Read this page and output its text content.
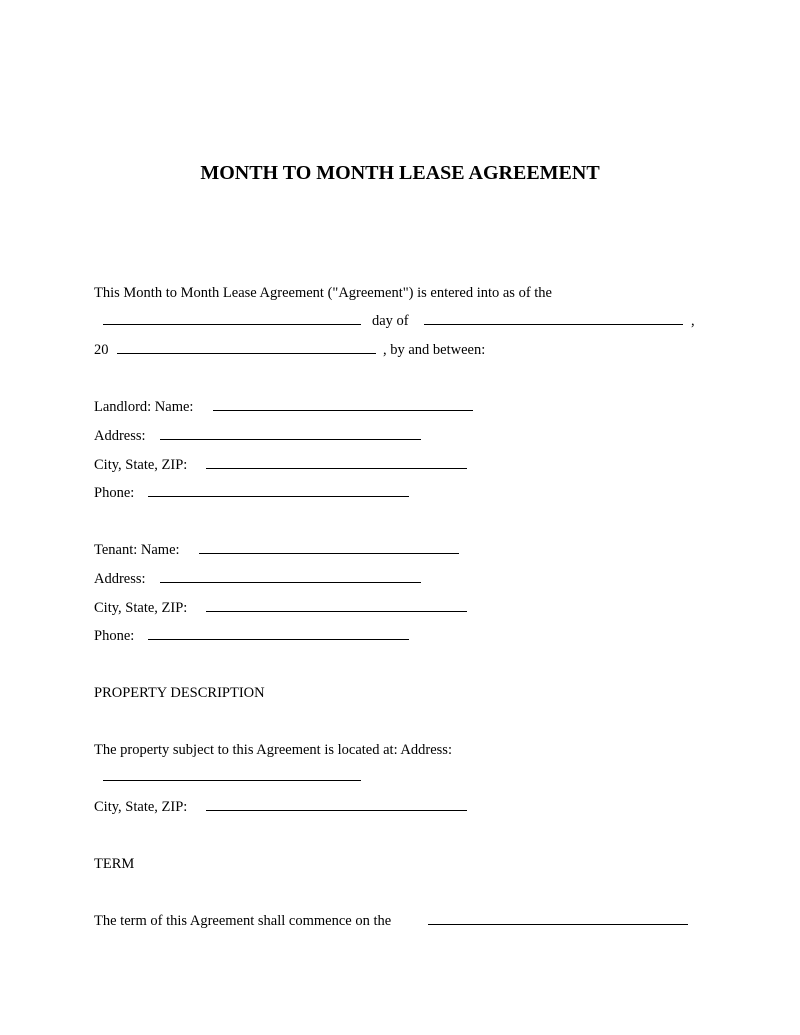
MONTH TO MONTH LEASE AGREEMENT
This Month to Month Lease Agreement ("Agreement") is entered into as of the
day of	,
20	, by and between:
Landlord: Name:
Address:
City, State, ZIP:
Phone:
Tenant: Name:
Address:
City, State, ZIP:
Phone:
PROPERTY DESCRIPTION
The property subject to this Agreement is located at: Address:
City, State, ZIP:
TERM
The term of this Agreement shall commence on the
